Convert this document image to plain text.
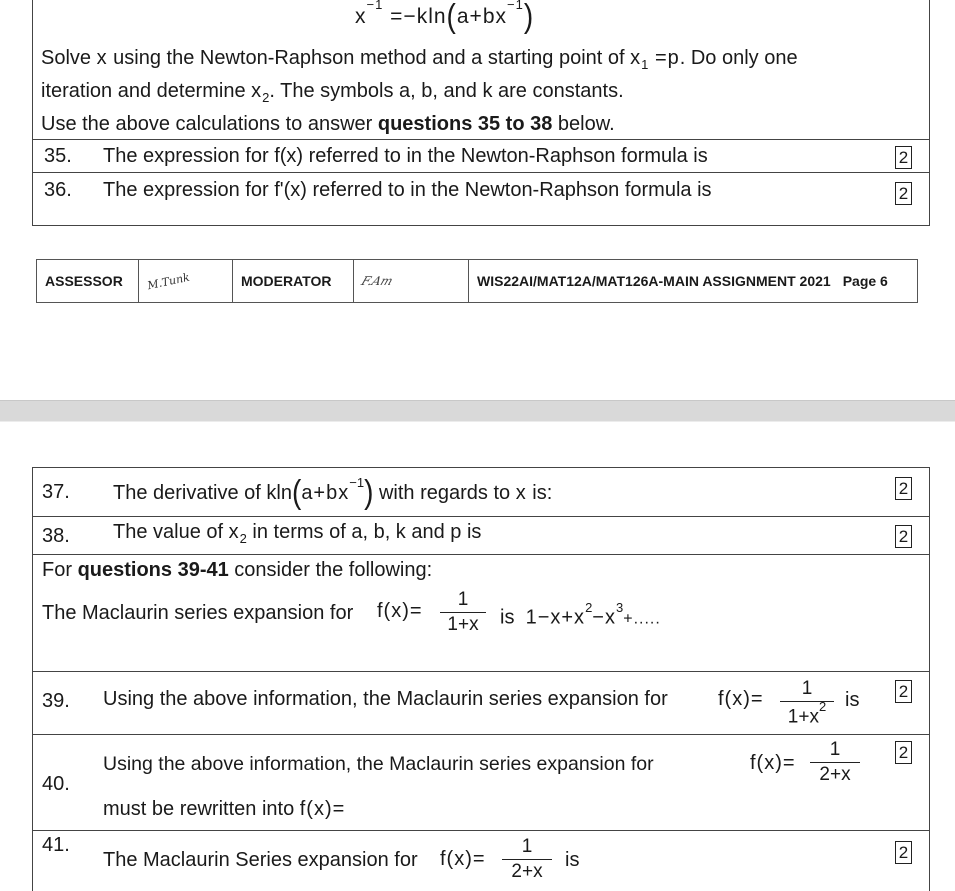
$x^{-1} =-kln(a+bx^{-1})$
Solve x using the Newton-Raphson method and a starting point of $x_1 =p$. Do only one
iteration and determine $x_2$. The symbols a, b, and k are constants.
Use the above calculations to answer questions 35 to 38 below.
35. The expression for f(x) referred to in the Newton-Raphson formula is	2
36. The expression for f'(x) referred to in the Newton-Raphson formula is	2
ASSESSOR	M.Tunk	MODERATOR	F.Am	WIS22AI/MAT12A/MAT126A-MAIN ASSIGNMENT 2021 Page 6
37. The derivative of $kln(a+bx^{-1})$ with regards to x is:	2
38. The value of $x_2$ in terms of a, b, k and p is	2
For questions 39-41 consider the following:
The Maclaurin series expansion for f(x)=
1
1+x	is $1-x+x^2-x^3+$.....
39. Using the above information, the Maclaurin series expansion for	f(x)=	1
$1+x^2$ is 2
40.
Using the above information, the Maclaurin series expansion for	f(x)=
1
2+x
must be rewritten into f(x)=
2
41.
The Maclaurin Series expansion for f(x)=
1
2+x
is	2
